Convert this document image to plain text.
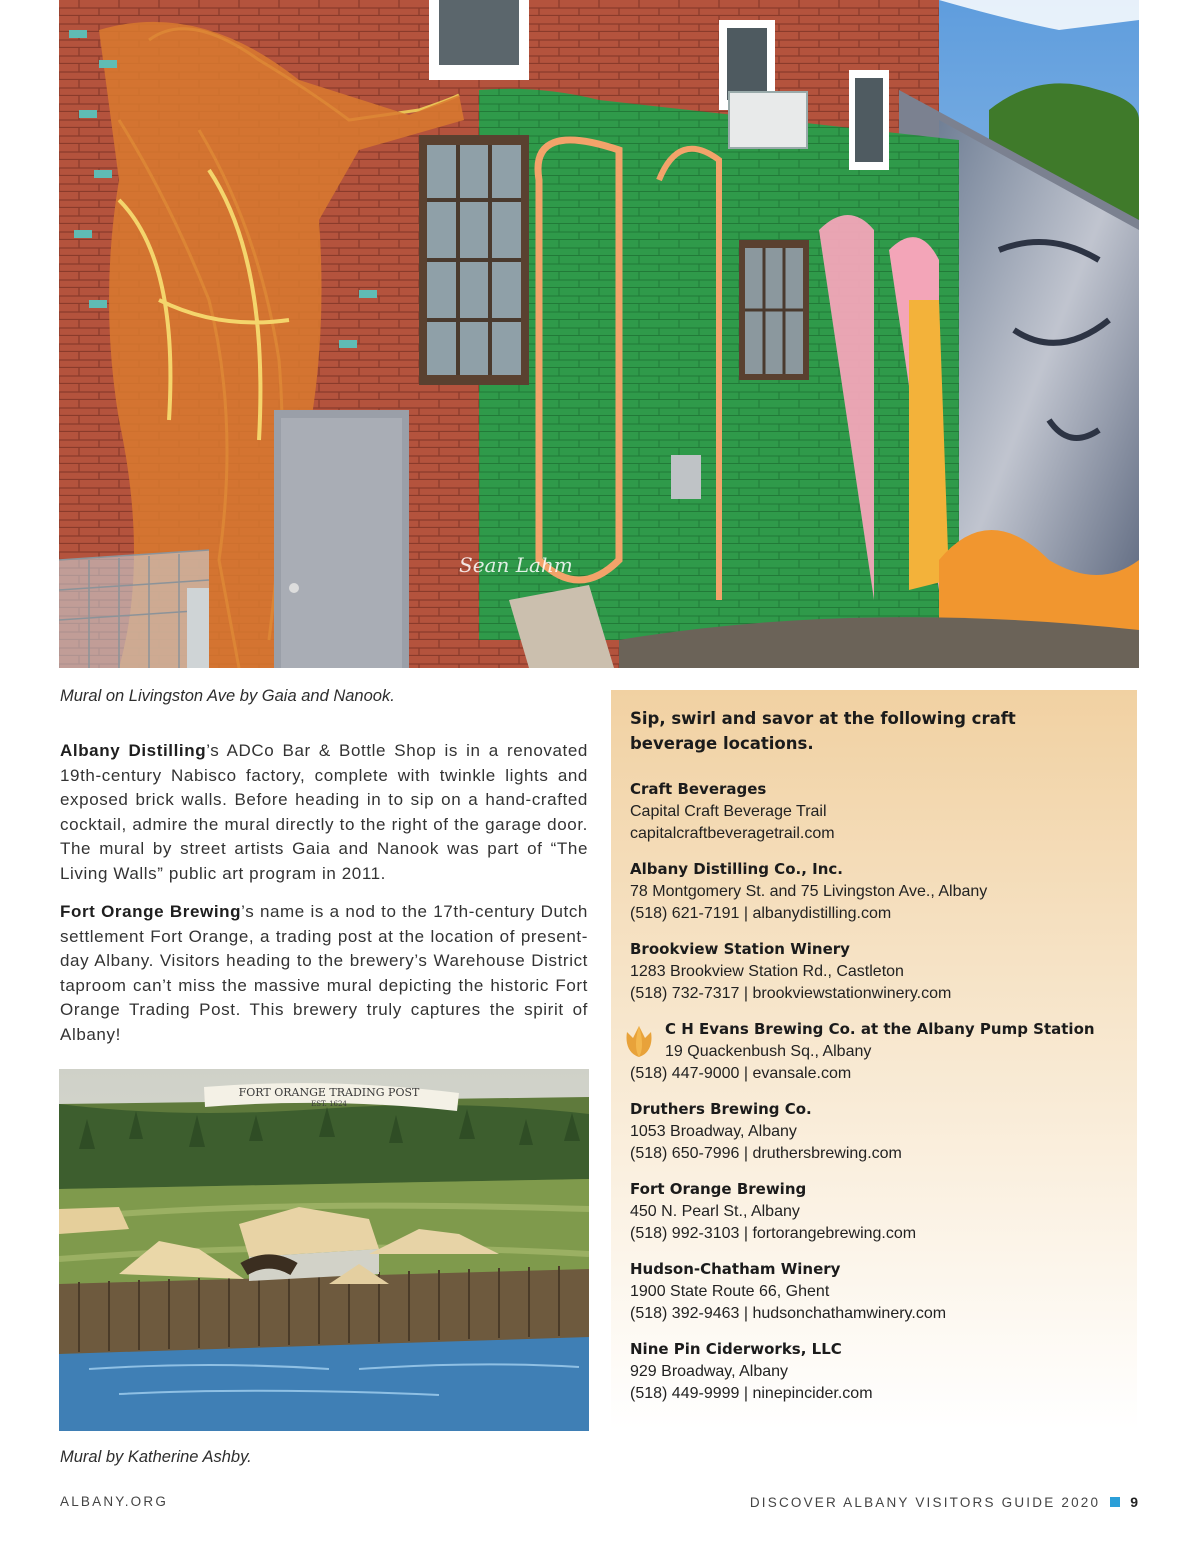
Sean Lahm
Mural on Livingston Ave by Gaia and Nanook.
Albany Distilling’s ADCo Bar & Bottle Shop is in a renovated 19th-century Nabisco factory, complete with twinkle lights and exposed brick walls. Before heading in to sip on a hand-crafted cocktail, admire the mural directly to the right of the garage door. The mural by street artists Gaia and Nanook was part of “The Living Walls” public art program in 2011.
Fort Orange Brewing’s name is a nod to the 17th-century Dutch settlement Fort Orange, a trading post at the location of present-day Albany. Visitors heading to the brewery’s Warehouse District taproom can’t miss the massive mural depicting the historic Fort Orange Trading Post. This brewery truly captures the spirit of Albany!
FORT ORANGE TRADING POST
EST. 1624
Mural by Katherine Ashby.
Sip, swirl and savor at the following craft beverage locations.
Craft Beverages
Capital Craft Beverage Trail
capitalcraftbeveragetrail.com
Albany Distilling Co., Inc.
78 Montgomery St. and 75 Livingston Ave., Albany
(518) 621-7191 | albanydistilling.com
Brookview Station Winery
1283 Brookview Station Rd., Castleton
(518) 732-7317 | brookviewstationwinery.com
C H Evans Brewing Co. at the Albany Pump Station
19 Quackenbush Sq., Albany
(518) 447-9000 | evansale.com
Druthers Brewing Co.
1053 Broadway, Albany
(518) 650-7996 | druthersbrewing.com
Fort Orange Brewing
450 N. Pearl St., Albany
(518) 992-3103 | fortorangebrewing.com
Hudson-Chatham Winery
1900 State Route 66, Ghent
(518) 392-9463 | hudsonchathamwinery.com
Nine Pin Ciderworks, LLC
929 Broadway, Albany
(518) 449-9999 | ninepincider.com
ALBANY.ORG	DISCOVER ALBANY VISITORS GUIDE 2020 9
